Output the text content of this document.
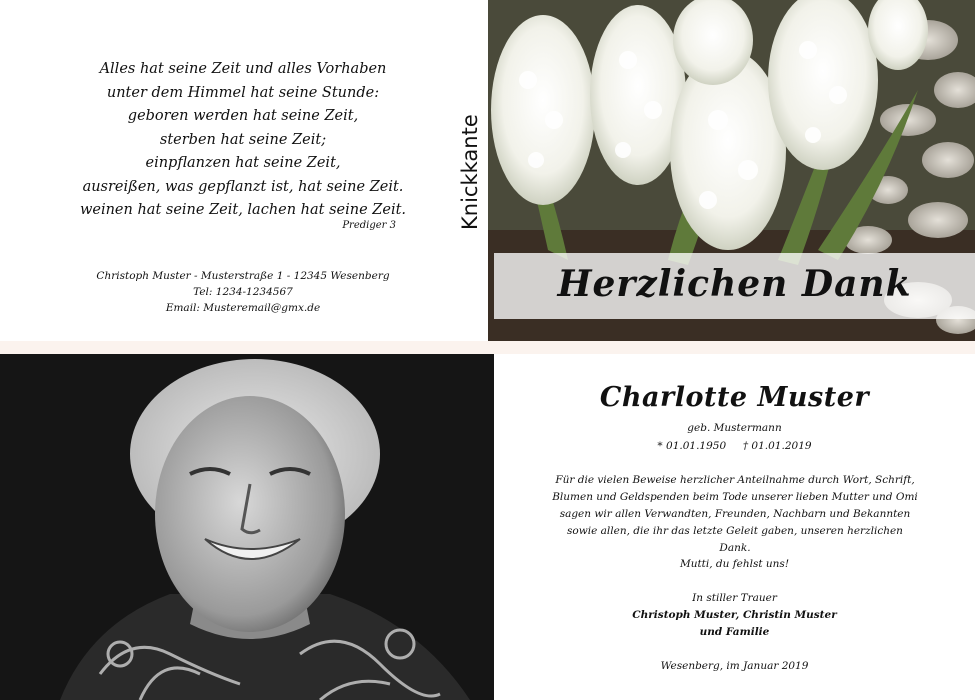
Alles hat seine Zeit und alles Vorhaben
unter dem Himmel hat seine Stunde:
geboren werden hat seine Zeit,
sterben hat seine Zeit;
einpflanzen hat seine Zeit,
ausreißen, was gepflanzt ist, hat seine Zeit.
weinen hat seine Zeit, lachen hat seine Zeit.
Prediger 3
Christoph Muster - Musterstraße 1 - 12345 Wesenberg
Tel: 1234-1234567
Email: Musteremail@gmx.de
Knickkante
Herzlichen Dank
Charlotte Muster
geb. Mustermann
* 01.01.1950 † 01.01.2019
Für die vielen Beweise herzlicher Anteilnahme durch Wort, Schrift,
Blumen und Geldspenden beim Tode unserer lieben Mutter und Omi
sagen wir allen Verwandten, Freunden, Nachbarn und Bekannten
sowie allen, die ihr das letzte Geleit gaben, unseren herzlichen Dank.
Mutti, du fehlst uns!
In stiller Trauer
Christoph Muster, Christin Muster
und Familie
Wesenberg, im Januar 2019
